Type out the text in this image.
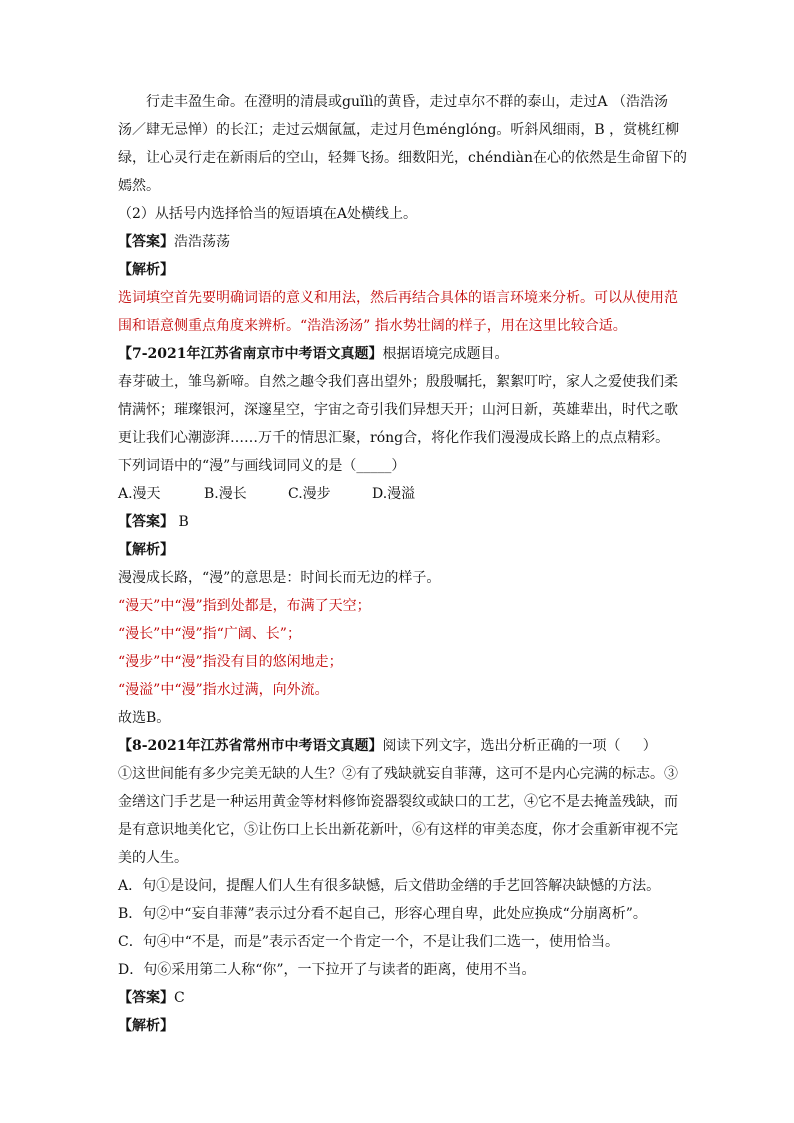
行走丰盈生命。在澄明的清晨或guǐlì的黄昏，走过卓尔不群的泰山，走过A （浩浩汤
汤／肆无忌惮）的长江；走过云烟氤氲，走过月色ménglóng。听斜风细雨，B ，赏桃红柳
绿，让心灵行走在新雨后的空山，轻舞飞扬。细数阳光，chéndiàn在心的依然是生命留下的
嫣然。
（2）从括号内选择恰当的短语填在A处横线上。
【答案】浩浩荡荡
【解析】
选词填空首先要明确词语的意义和用法，然后再结合具体的语言环境来分析。可以从使用范
围和语意侧重点角度来辨析。“浩浩汤汤” 指水势壮阔的样子，用在这里比较合适。
【7-2021年江苏省南京市中考语文真题】根据语境完成题目。
春芽破土，雏鸟新啼。自然之趣令我们喜出望外；殷殷嘱托，絮絮叮咛，家人之爱使我们柔
情满怀；璀璨银河，深邃星空，宇宙之奇引我们异想天开；山河日新，英雄辈出，时代之歌
更让我们心潮澎湃……万千的情思汇聚，róng合，将化作我们漫漫成长路上的点点精彩。
下列词语中的“漫”与画线词同义的是（_____）
A.漫天	B.漫长	C.漫步	D.漫溢
【答案】 B
【解析】
漫漫成长路，“漫”的意思是：时间长而无边的样子。
“漫天”中“漫”指到处都是，布满了天空；
“漫长”中“漫”指“广阔、长”；
“漫步”中“漫”指没有目的悠闲地走；
“漫溢”中“漫”指水过满，向外流。
故选B。
【8-2021年江苏省常州市中考语文真题】阅读下列文字，选出分析正确的一项（     ）
①这世间能有多少完美无缺的人生？②有了残缺就妄自菲薄，这可不是内心完满的标志。③
金缮这门手艺是一种运用黄金等材料修饰瓷器裂纹或缺口的工艺，④它不是去掩盖残缺，而
是有意识地美化它，⑤让伤口上长出新花新叶，⑥有这样的审美态度，你才会重新审视不完
美的人生。
A．句①是设问，提醒人们人生有很多缺憾，后文借助金缮的手艺回答解决缺憾的方法。
B．句②中“妄自菲薄”表示过分看不起自己，形容心理自卑，此处应换成“分崩离析”。
C．句④中“不是，而是”表示否定一个肯定一个，不是让我们二选一，使用恰当。
D．句⑥采用第二人称“你”，一下拉开了与读者的距离，使用不当。
【答案】C
【解析】
